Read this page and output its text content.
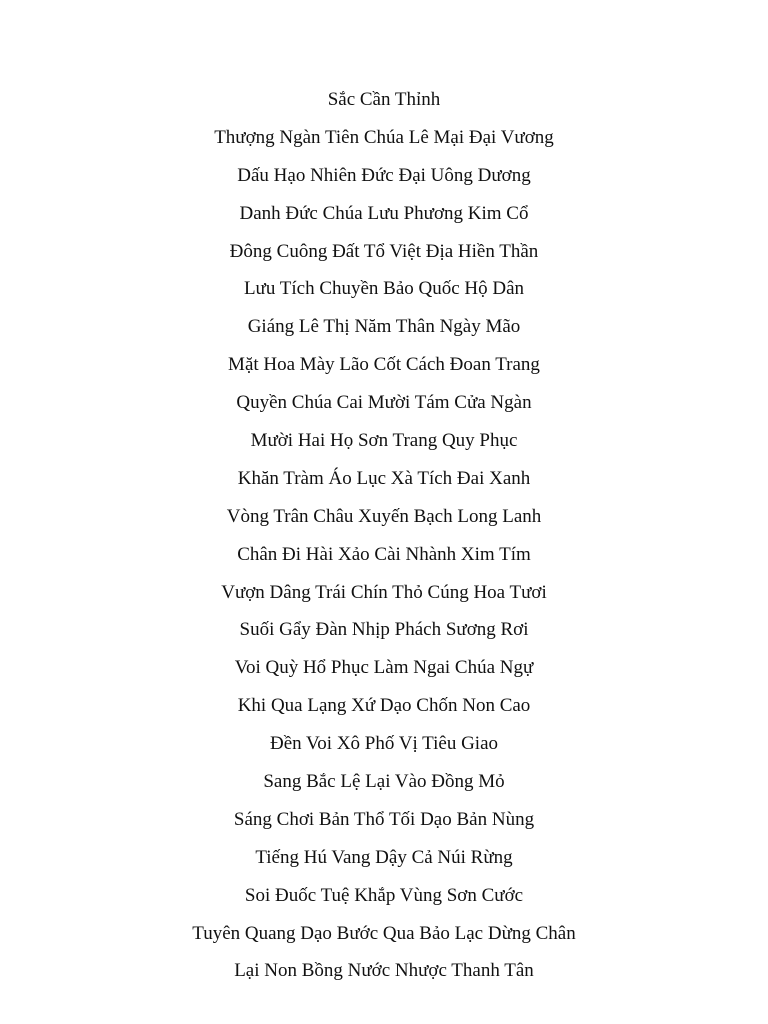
Sắc Cần Thỉnh
Thượng Ngàn Tiên Chúa Lê Mại Đại Vương
Dấu Hạo Nhiên Đức Đại Uông Dương
Danh Đức Chúa Lưu Phương Kim Cổ
Đông Cuông Đất Tổ Việt Địa Hiền Thần
Lưu Tích Chuyền Bảo Quốc Hộ Dân
Giáng Lê Thị Năm Thân Ngày Mão
Mặt Hoa Mày Lão Cốt Cách Đoan Trang
Quyền Chúa Cai Mười Tám Cửa Ngàn
Mười Hai Họ Sơn Trang Quy Phục
Khăn Tràm Áo Lục Xà Tích Đai Xanh
Vòng Trân Châu Xuyến Bạch Long Lanh
Chân Đi Hài Xảo Cài Nhành Xim Tím
Vượn Dâng Trái Chín Thỏ Cúng Hoa Tươi
Suối Gẩy Đàn Nhịp Phách Sương Rơi
Voi Quỳ Hổ Phục Làm Ngai Chúa Ngự
Khi Qua Lạng Xứ Dạo Chốn Non Cao
Đền Voi Xô Phố Vị Tiêu Giao
Sang Bắc Lệ Lại Vào Đồng Mỏ
Sáng Chơi Bản Thổ Tối Dạo Bản Nùng
Tiếng Hú Vang Dậy Cả Núi Rừng
Soi Đuốc Tuệ Khắp Vùng Sơn Cước
Tuyên Quang Dạo Bước Qua Bảo Lạc Dừng Chân
Lại Non Bồng Nước Nhược Thanh Tân
